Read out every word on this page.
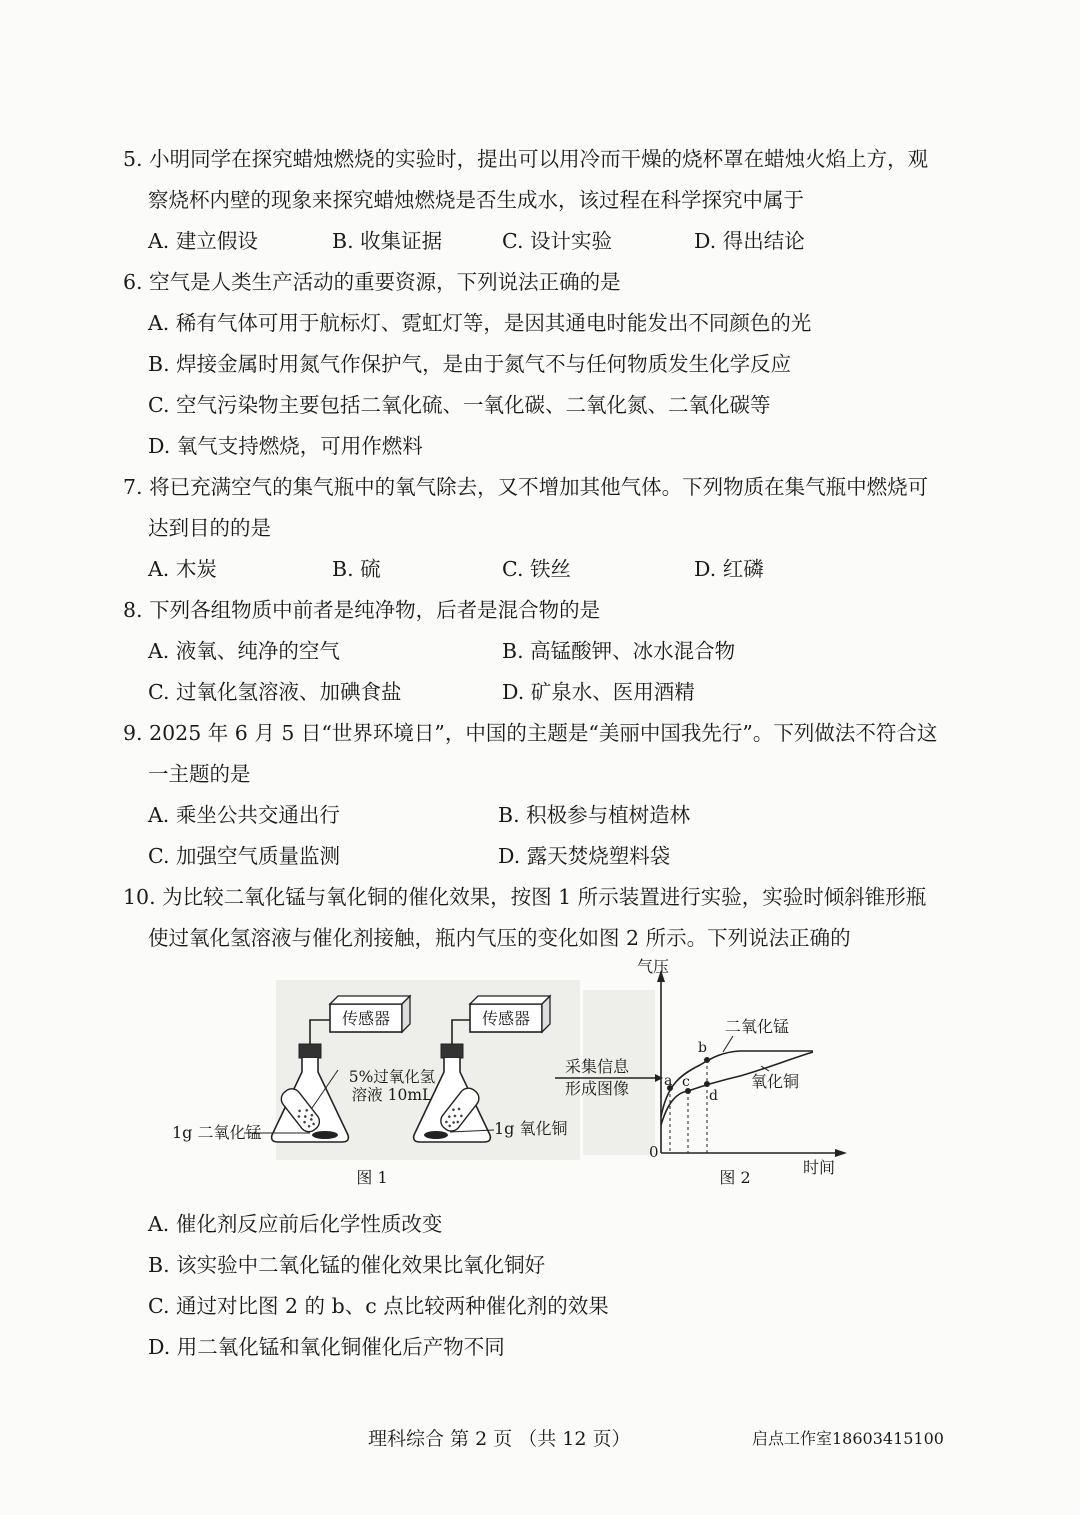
5. 小明同学在探究蜡烛燃烧的实验时，提出可以用冷而干燥的烧杯罩在蜡烛火焰上方，观
察烧杯内壁的现象来探究蜡烛燃烧是否生成水，该过程在科学探究中属于
A. 建立假设	B. 收集证据	C. 设计实验	D. 得出结论
6. 空气是人类生产活动的重要资源，下列说法正确的是
A. 稀有气体可用于航标灯、霓虹灯等，是因其通电时能发出不同颜色的光
B. 焊接金属时用氮气作保护气，是由于氮气不与任何物质发生化学反应
C. 空气污染物主要包括二氧化硫、一氧化碳、二氧化氮、二氧化碳等
D. 氧气支持燃烧，可用作燃料
7. 将已充满空气的集气瓶中的氧气除去，又不增加其他气体。下列物质在集气瓶中燃烧可
达到目的的是
A. 木炭	B. 硫	C. 铁丝	D. 红磷
8. 下列各组物质中前者是纯净物，后者是混合物的是
A. 液氧、纯净的空气	B. 高锰酸钾、冰水混合物
C. 过氧化氢溶液、加碘食盐	D. 矿泉水、医用酒精
9. 2025 年 6 月 5 日“世界环境日”，中国的主题是“美丽中国我先行”。下列做法不符合这
一主题的是
A. 乘坐公共交通出行	B. 积极参与植树造林
C. 加强空气质量监测	D. 露天焚烧塑料袋
10. 为比较二氧化锰与氧化铜的催化效果，按图 1 所示装置进行实验，实验时倾斜锥形瓶
使过氧化氢溶液与催化剂接触，瓶内气压的变化如图 2 所示。下列说法正确的
传感器
1g 二氧化锰
5%过氧化氢
溶液 10mL
传感器
1g 氧化铜
图 1
采集信息
形成图像
气压
时间
0
a
b
c
d
二氧化锰
氧化铜
图 2
A. 催化剂反应前后化学性质改变
B. 该实验中二氧化锰的催化效果比氧化铜好
C. 通过对比图 2 的 b、c 点比较两种催化剂的效果
D. 用二氧化锰和氧化铜催化后产物不同
理科综合 第 2 页 （共 12 页）	启点工作室18603415100
